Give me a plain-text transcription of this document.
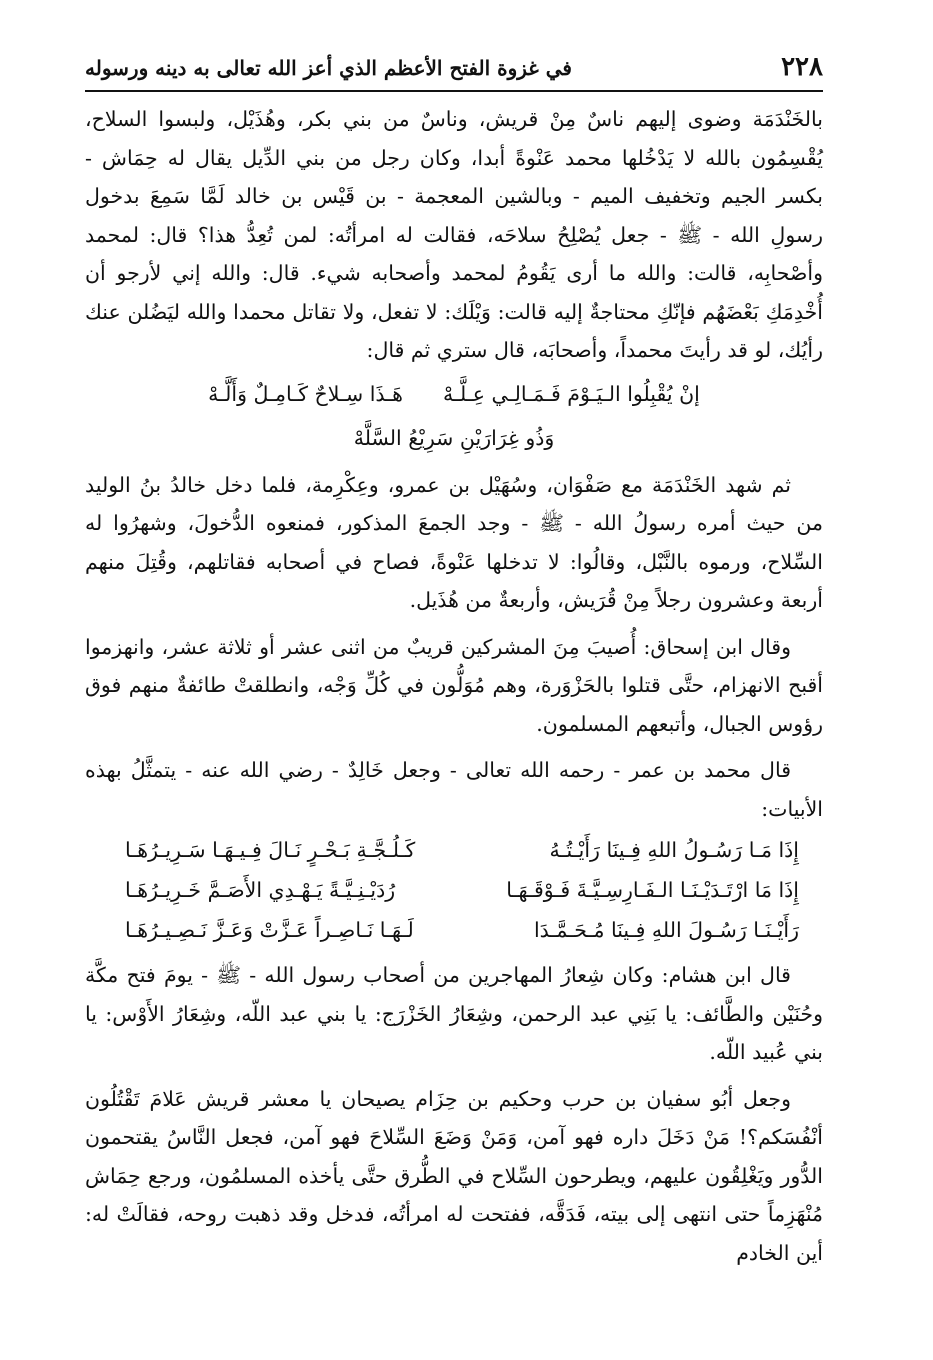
٢٢٨
في غزوة الفتح الأعظم الذي أعز الله تعالى به دينه ورسوله

بالخَنْدَمَة وضوى إليهم ناسٌ مِنْ قريش، وناسٌ من بني بكر، وهُذَيْل، ولبسوا السلاح، يُقْسِمُون بالله لا يَدْخُلها محمد عَنْوةً أبدا، وكان رجل من بني الدِّيل يقال له حِمَاش - بكسر الجيم وتخفيف الميم - وبالشين المعجمة - بن قَيْس بن خالد لَمَّا سَمِعَ بدخول رسولِ الله - ﷺ - جعل يُصْلِحُ سلاحَه، فقالت له امرأتُه: لمن تُعِدُّ هذا؟ قال: لمحمد وأصْحابِه، قالت: والله ما أرى يَقُومُ لمحمد وأصحابه شيء. قال: والله إني لأرجو أن أُخْدِمَكِ بَعْضَهُم فإنّكِ محتاجةٌ إليه قالت: وَيْلَك: لا تفعل، ولا تقاتل محمدا والله ليَضُلن عنك رأيُك، لو قد رأيتَ محمداً، وأصحابَه، قال ستري ثم قال:

إنْ يُقْبِلُوا الـيَـوْمَ فَـمَـالِـي عِـلَّـهْ
هَـذَا سِـلاحٌ كَـامِـلٌ وَأَلَّـهْ
وَذُو غِرَارَيْنِ سَرِيْعُ السَّلَّهْ

ثم شهد الخَنْدَمَة مع صَفْوَان، وسُهَيْل بن عمرو، وعِكْرِمة، فلما دخل خالدُ بنُ الوليد من حيث أمره رسولُ الله - ﷺ - وجد الجمعَ المذكور، فمنعوه الدُّخولَ، وشهرُوا له السِّلاح، ورموه بالنَّبْل، وقالُوا: لا تدخلها عَنْوةً، فصاح في أصحابه فقاتلهم، وقُتِلَ منهم أربعة وعشرون رجلاً مِنْ قُرَيش، وأربعةٌ من هُذَيل.

وقال ابن إسحاق: أُصيبَ مِنَ المشركين قريبٌ من اثنى عشر أو ثلاثة عشر، وانهزموا أقبح الانهزام، حتَّى قتلوا بالحَزْوَرة، وهم مُوَلُّون في كُلِّ وَجْه، وانطلقتْ طائفةٌ منهم فوق رؤوس الجبال، وأتبعهم المسلمون.

قال محمد بن عمر - رحمه الله تعالى - وجعل خَالِدٌ - رضي الله عنه - يتمثَّلُ بهذه الأبيات:

إِذَا مَـا رَسُـولُ اللهِ فِـينَا رَأَيْـتُـهُ
كَـلُـجَّـةِ بَـحْـرٍ نَـالَ فِـيـهَـا سَـرِيـرُهَـا
إِذَا مَا ارْتَـدَيْـنَـا الـفَـارِسِـيَّـةَ فَـوْقَـهَـا
رُدَيْـنِـيَّـةً يَـهْـدِي الأَصَـمَّ خَـرِيـرُهَـا
رَأَيْـنَـا رَسُـولَ اللهِ فِـينَا مُـحَـمَّـدَا
لَـهَـا نَـاصِـراً عَـزَّتْ وَعَـزَّ نَـصِـيـرُهَـا

قال ابن هشام: وكان شِعارُ المهاجرين من أصحاب رسول الله - ﷺ - يومَ فتح مكَّة وحُنَيْن والطَّائف: يا بَنِي عبد الرحمن، وشِعَارُ الخَزْرَج: يا بني عبد اللّه، وشِعَارُ الأَوْس: يا بني عُبيد اللّه.

وجعل أبُو سفيان بن حرب وحكيم بن حِزَام يصيحان يا معشر قريش عَلامَ تَقْتُلُون أنْفُسَكم؟! مَنْ دَخَلَ داره فهو آمن، وَمَنْ وَضَعَ السِّلاحَ فهو آمن، فجعل النَّاسُ يقتحمون الدُّور ويَغْلِقُون عليهم، ويطرحون السِّلاح في الطُّرق حتَّى يأخذه المسلمُون، ورجع حِمَاش مُنْهَزِماً حتى انتهى إلى بيته، فَدَقَّه، ففتحت له امرأتُه، فدخل وقد ذهبت روحه، فقالَتْ له: أين الخادم
